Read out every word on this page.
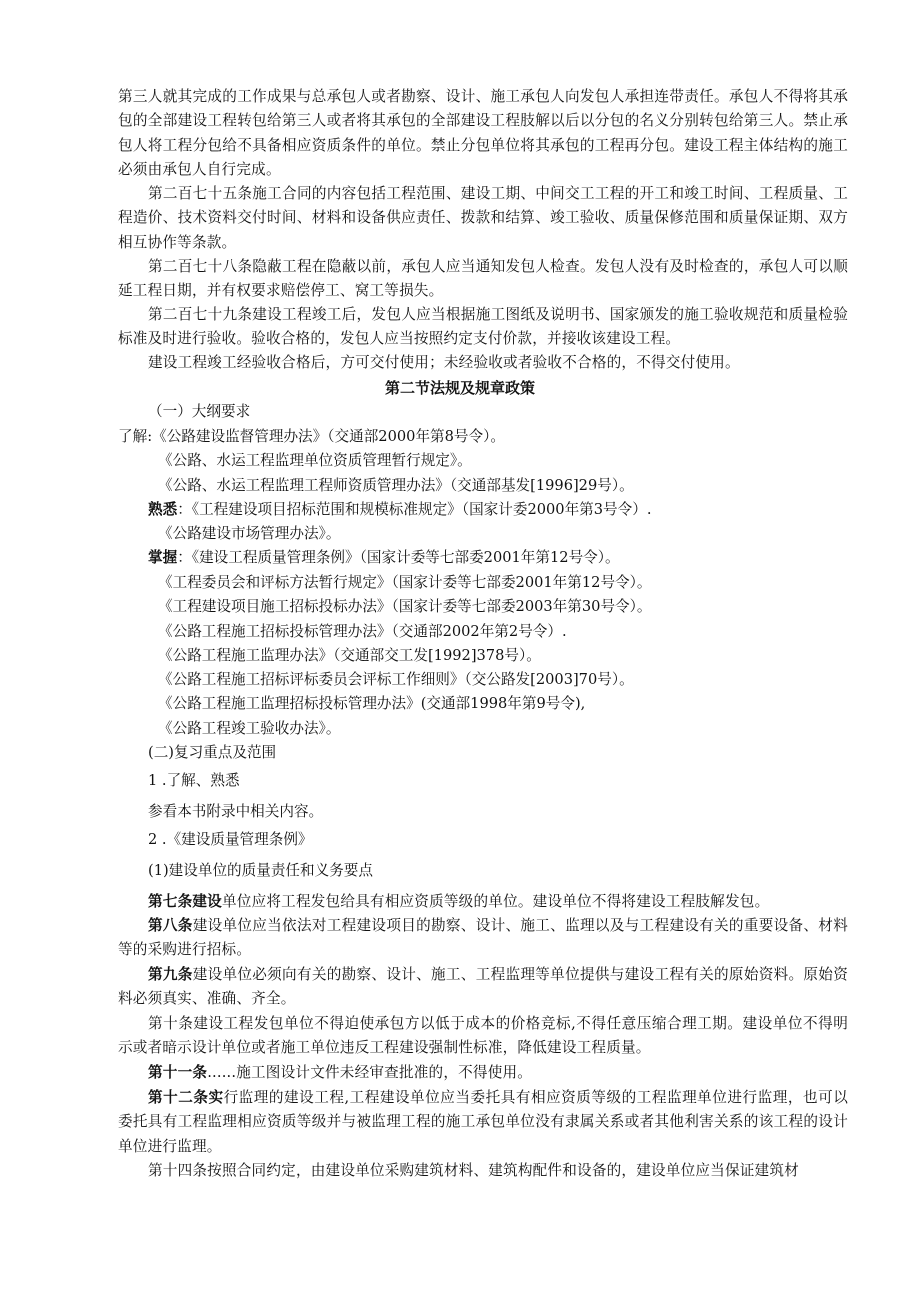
第三人就其完成的工作成果与总承包人或者勘察、设计、施工承包人向发包人承担连带责任。承包人不得将其承包的全部建设工程转包给第三人或者将其承包的全部建设工程肢解以后以分包的名义分别转包给第三人。禁止承包人将工程分包给不具备相应资质条件的单位。禁止分包单位将其承包的工程再分包。建设工程主体结构的施工必须由承包人自行完成。
第二百七十五条施工合同的内容包括工程范围、建设工期、中间交工工程的开工和竣工时间、工程质量、工程造价、技术资料交付时间、材料和设备供应责任、拨款和结算、竣工验收、质量保修范围和质量保证期、双方相互协作等条款。
第二百七十八条隐蔽工程在隐蔽以前，承包人应当通知发包人检查。发包人没有及时检查的，承包人可以顺延工程日期，并有权要求赔偿停工、窝工等损失。
第二百七十九条建设工程竣工后，发包人应当根据施工图纸及说明书、国家颁发的施工验收规范和质量检验标准及时进行验收。验收合格的，发包人应当按照约定支付价款，并接收该建设工程。
建设工程竣工经验收合格后，方可交付使用；未经验收或者验收不合格的，不得交付使用。
第二节法规及规章政策
（一）大纲要求
了解:《公路建设监督管理办法》（交通部2000年第8号令）。
《公路、水运工程监理单位资质管理暂行规定》。
《公路、水运工程监理工程师资质管理办法》（交通部基发[1996]29号）。
熟悉：《工程建设项目招标范围和规模标准规定》（国家计委2000年第3号令）.
《公路建设市场管理办法》。
掌握：《建设工程质量管理条例》（国家计委等七部委2001年第12号令）。
《工程委员会和评标方法暂行规定》（国家计委等七部委2001年第12号令）。
《工程建设项目施工招标投标办法》（国家计委等七部委2003年第30号令）。
《公路工程施工招标投标管理办法》（交通部2002年第2号令）.
《公路工程施工监理办法》（交通部交工发[1992]378号）。
《公路工程施工招标评标委员会评标工作细则》（交公路发[2003]70号）。
《公路工程施工监理招标投标管理办法》(交通部1998年第9号令),
《公路工程竣工验收办法》。
(二)复习重点及范围
1 .了解、熟悉
参看本书附录中相关内容。
2 .《建设质量管理条例》
(1)建设单位的质量责任和义务要点
第七条建设单位应将工程发包给具有相应资质等级的单位。建设单位不得将建设工程肢解发包。
第八条建设单位应当依法对工程建设项目的勘察、设计、施工、监理以及与工程建设有关的重要设备、材料等的采购进行招标。
第九条建设单位必须向有关的勘察、设计、施工、工程监理等单位提供与建设工程有关的原始资料。原始资料必须真实、准确、齐全。
第十条建设工程发包单位不得迫使承包方以低于成本的价格竞标,不得任意压缩合理工期。建设单位不得明示或者暗示设计单位或者施工单位违反工程建设强制性标准，降低建设工程质量。
第十一条......施工图设计文件未经审查批准的，不得使用。
第十二条实行监理的建设工程,工程建设单位应当委托具有相应资质等级的工程监理单位进行监理，也可以委托具有工程监理相应资质等级并与被监理工程的施工承包单位没有隶属关系或者其他利害关系的该工程的设计单位进行监理。
第十四条按照合同约定，由建设单位采购建筑材料、建筑构配件和设备的，建设单位应当保证建筑材
